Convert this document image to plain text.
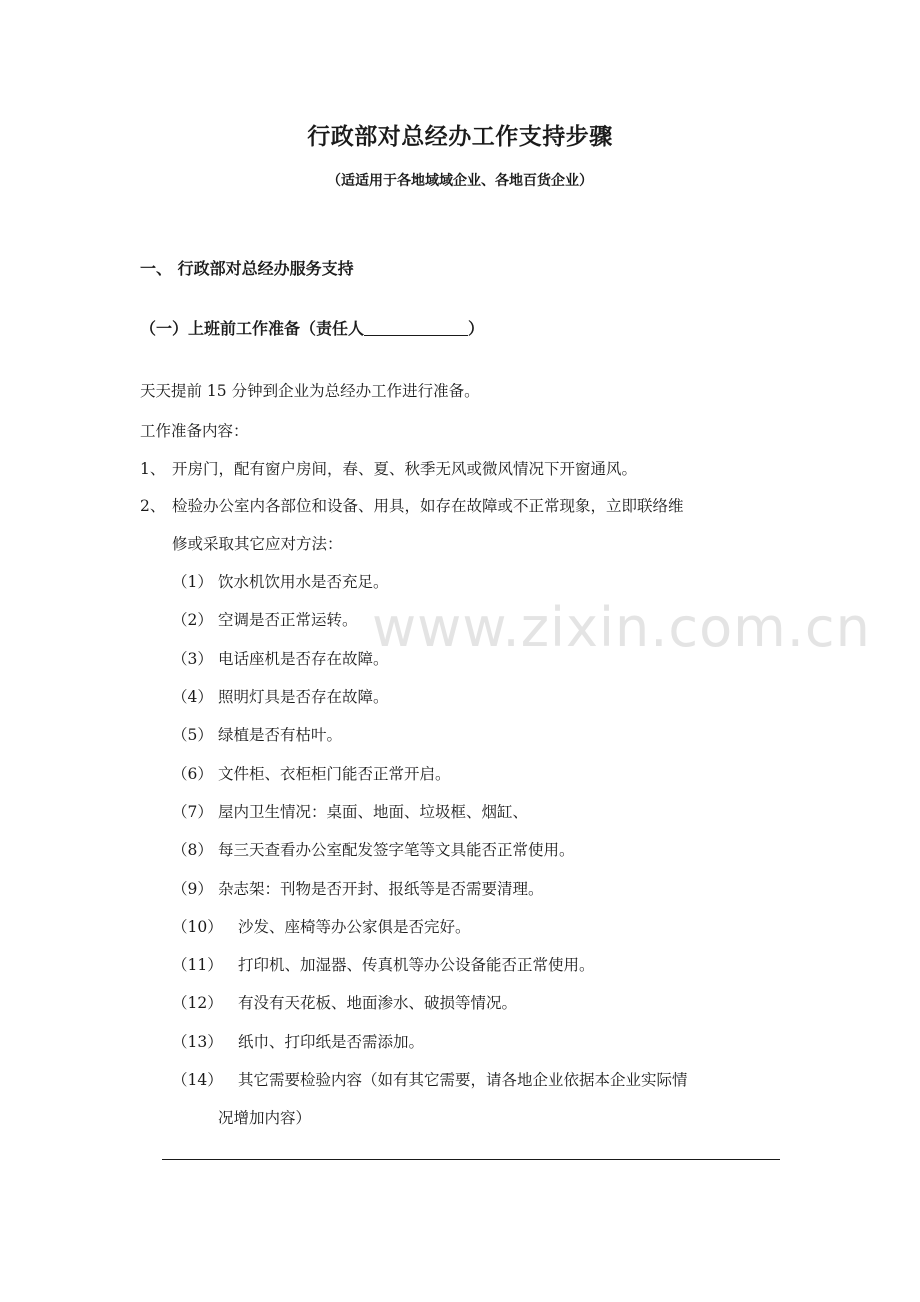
www.zixin.com.cn
行政部对总经办工作支持步骤
（适适用于各地域域企业、各地百货企业）
一、 行政部对总经办服务支持
（一）上班前工作准备（责任人	）
天天提前 15 分钟到企业为总经办工作进行准备。
工作准备内容：
1、 开房门，配有窗户房间，春、夏、秋季无风或微风情况下开窗通风。
2、 检验办公室内各部位和设备、用具，如存在故障或不正常现象，立即联络维
修或采取其它应对方法：
（1） 饮水机饮用水是否充足。
（2） 空调是否正常运转。
（3） 电话座机是否存在故障。
（4） 照明灯具是否存在故障。
（5） 绿植是否有枯叶。
（6） 文件柜、衣柜柜门能否正常开启。
（7） 屋内卫生情况：桌面、地面、垃圾框、烟缸、
（8） 每三天查看办公室配发签字笔等文具能否正常使用。
（9） 杂志架：刊物是否开封、报纸等是否需要清理。
（10） 沙发、座椅等办公家俱是否完好。
（11） 打印机、加湿器、传真机等办公设备能否正常使用。
（12） 有没有天花板、地面渗水、破损等情况。
（13） 纸巾、打印纸是否需添加。
（14） 其它需要检验内容（如有其它需要，请各地企业依据本企业实际情
况增加内容）
